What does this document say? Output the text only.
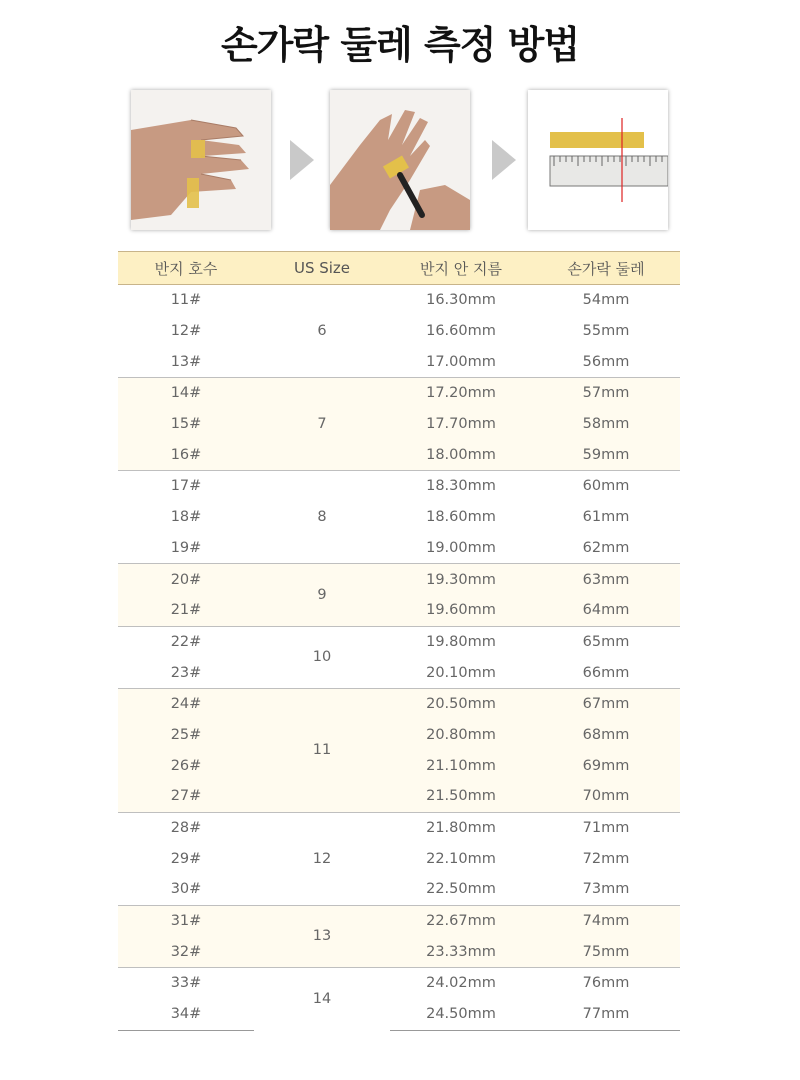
손가락 둘레 측정 방법
반지 호수	US Size	반지 안 지름	손가락 둘레
11#	6	16.30mm	54mm
12#		16.60mm	55mm
13#		17.00mm	56mm
14#	7	17.20mm	57mm
15#		17.70mm	58mm
16#		18.00mm	59mm
17#	8	18.30mm	60mm
18#		18.60mm	61mm
19#		19.00mm	62mm
20#	9	19.30mm	63mm
21#		19.60mm	64mm
22#	10	19.80mm	65mm
23#		20.10mm	66mm
24#	11	20.50mm	67mm
25#		20.80mm	68mm
26#		21.10mm	69mm
27#		21.50mm	70mm
28#	12	21.80mm	71mm
29#		22.10mm	72mm
30#		22.50mm	73mm
31#	13	22.67mm	74mm
32#		23.33mm	75mm
33#	14	24.02mm	76mm
34#		24.50mm	77mm
